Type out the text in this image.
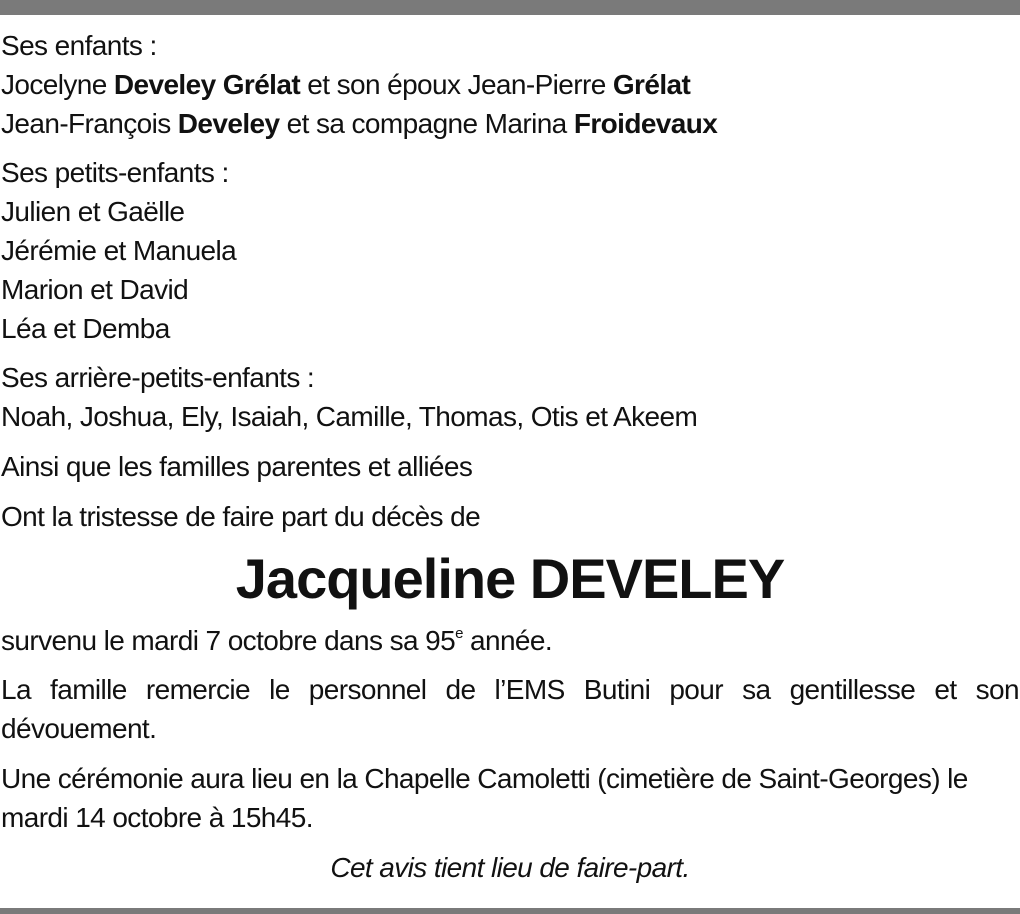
Ses enfants :
Jocelyne Develey Grélat et son époux Jean-Pierre Grélat
Jean-François Develey et sa compagne Marina Froidevaux
Ses petits-enfants :
Julien et Gaëlle
Jérémie et Manuela
Marion et David
Léa et Demba
Ses arrière-petits-enfants :
Noah, Joshua, Ely, Isaiah, Camille, Thomas, Otis et Akeem
Ainsi que les familles parentes et alliées
Ont la tristesse de faire part du décès de
Jacqueline DEVELEY
survenu le mardi 7 octobre dans sa 95e année.
La famille remercie le personnel de l’EMS Butini pour sa gentillesse et son dévouement.
Une cérémonie aura lieu en la Chapelle Camoletti (cimetière de Saint-Georges) le mardi 14 octobre à 15h45.
Cet avis tient lieu de faire-part.
